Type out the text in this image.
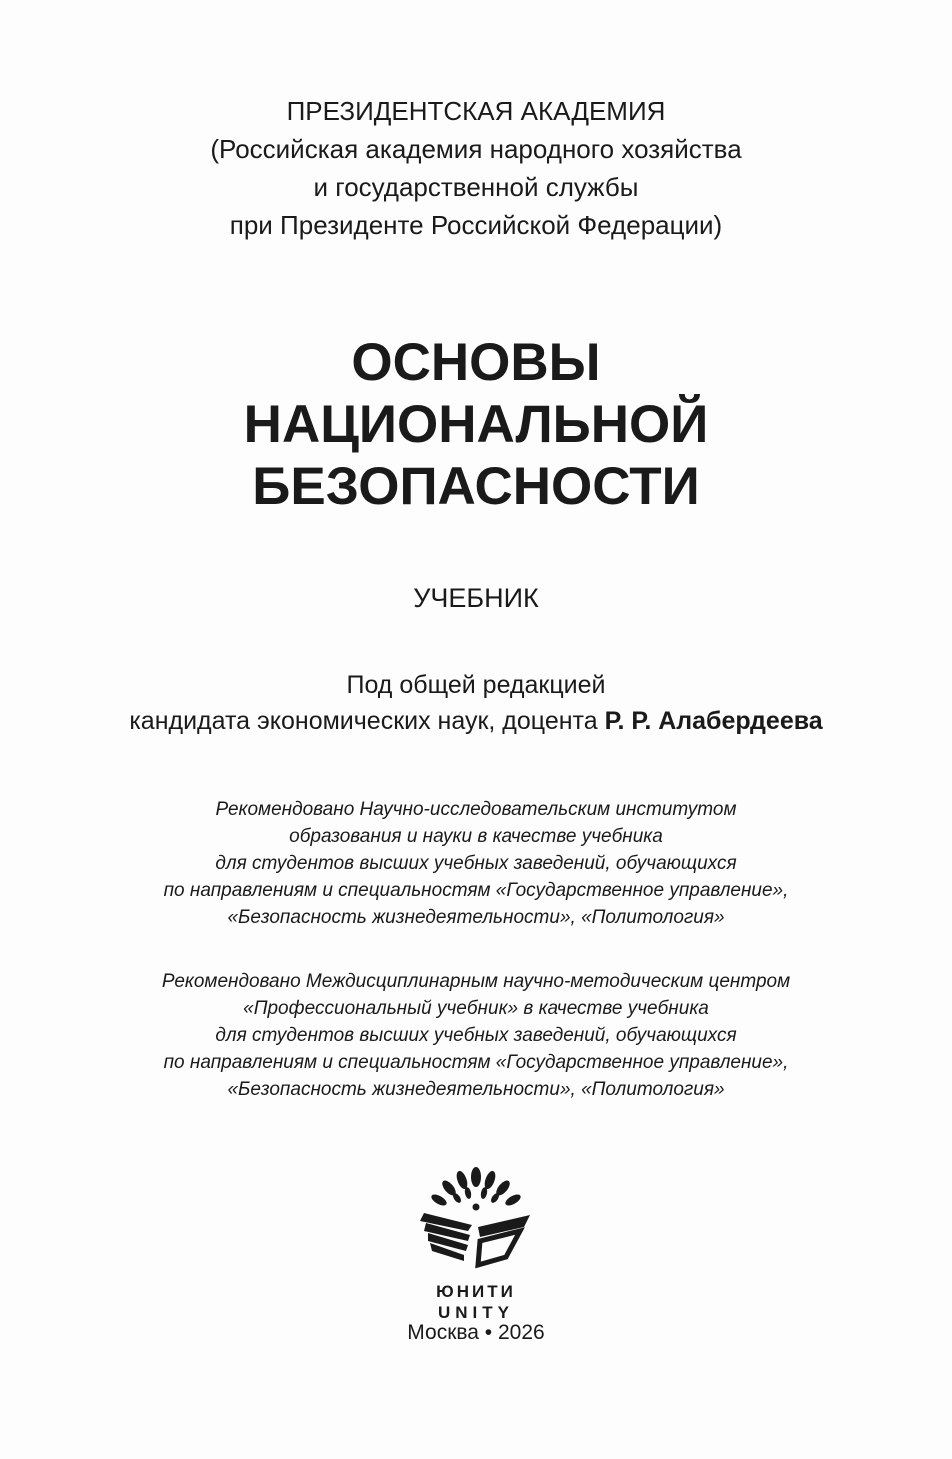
ПРЕЗИДЕНТСКАЯ АКАДЕМИЯ
(Российская академия народного хозяйства
и государственной службы
при Президенте Российской Федерации)
ОСНОВЫ
НАЦИОНАЛЬНОЙ
БЕЗОПАСНОСТИ
УЧЕБНИК
Под общей редакцией
кандидата экономических наук, доцента Р. Р. Алабердеева
Рекомендовано Научно-исследовательским институтом
образования и науки в качестве учебника
для студентов высших учебных заведений, обучающихся
по направлениям и специальностям «Государственное управление»,
«Безопасность жизнедеятельности», «Политология»
Рекомендовано Междисциплинарным научно-методическим центром
«Профессиональный учебник» в качестве учебника
для студентов высших учебных заведений, обучающихся
по направлениям и специальностям «Государственное управление»,
«Безопасность жизнедеятельности», «Политология»
ЮНИТИ
UNITY
Москва • 2026
